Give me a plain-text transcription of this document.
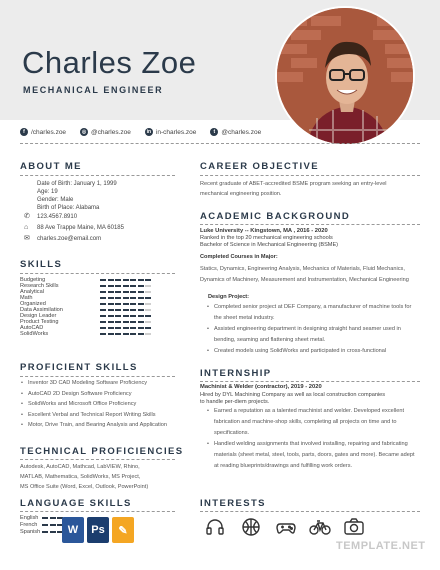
Charles Zoe
MECHANICAL ENGINEER
f /charles.zoe	◎ @charles.zoe	in in-charles.zoe	t @charles.zoe
ABOUT ME
Date of Birth: January 1, 1999
Age: 19
Gender: Male
Birth of Place: Alabama
✆ 123.4567.8910
⌂ 88 Ave Trappe Maine, MA 60185
✉ charles.zoe@email.com
SKILLS
Budgeting
Research Skills
Analytical
Math
Organized
Data Assimilation
Design Leader
Product Testing
AutoCAD
SolidWorks
PROFICIENT SKILLS
• Inventor 3D CAD Modeling Software Proficiency
• AutoCAD 2D Design Software Proficiency
• SolidWorks and Microsoft Office Proficiency
• Excellent Verbal and Technical Report Writing Skills
• Motor, Drive Train, and Bearing Analysis and Application
TECHNICAL PROFICIENCIES
Autodesk, AutoCAD, Mathcad, LabVIEW, Rhino,
MATLAB, Mathematica, SolidWorks, MS Project,
MS Office Suite (Word, Excel, Outlook, PowerPoint)
LANGUAGE SKILLS
English
French
Spanish	W	Ps	✎
CAREER OBJECTIVE
Recent graduate of ABET-accredited BSME program seeking an entry-level
mechanical engineering position.
ACADEMIC BACKGROUND
Luke University -- Kingstown, MA , 2016 - 2020
Ranked in the top 20 mechanical engineering schools
Bachelor of Science in Mechanical Engineering (BSME)
Completed Courses in Major:
Statics, Dynamics, Engineering Analysis, Mechanics of Materials, Fluid Mechanics,
Dynamics of Machinery, Measurement and Instrumentation, Mechanical Engineering
Design Project:
• Completed senior project at DEF Company, a manufacturer of machine tools for the sheet metal industry.
• Assisted engineering department in designing straight hand seamer used in bending, seaming and flattening sheet metal.
• Created models using SolidWorks and participated in cross-functional
INTERNSHIP
Machinist & Welder (contractor), 2019 - 2020
Hired by DYL Machining Company as well as local construction companies
to handle per-diem projects.
• Earned a reputation as a talented machinist and welder. Developed excellent fabrication and machine-shop skills, completing all projects on time and to specifications.
• Handled welding assignments that involved installing, repairing and fabricating materials (sheet metal, steel, tools, parts, doors, gates and more). Became adept at reading blueprints/drawings and fulfilling work orders.
INTERESTS
TEMPLATE.NET
